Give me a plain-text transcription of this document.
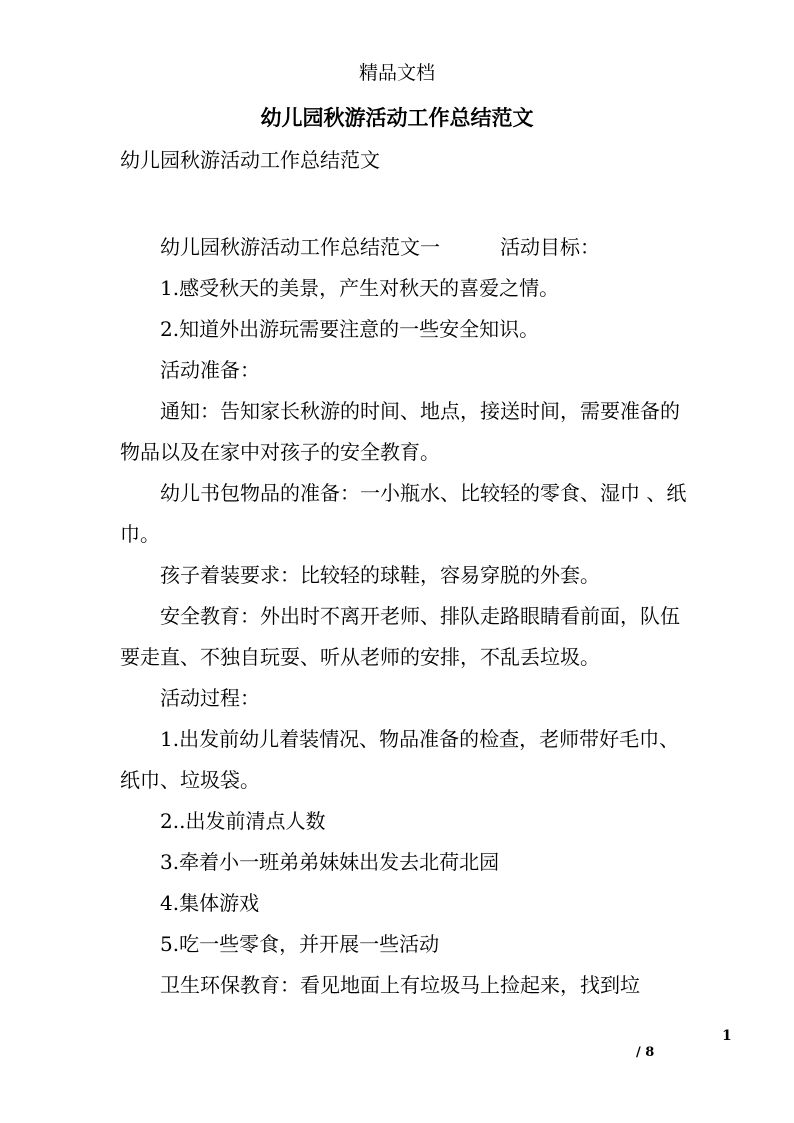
精品文档
幼儿园秋游活动工作总结范文
幼儿园秋游活动工作总结范文

幼儿园秋游活动工作总结范文一　　　活动目标：

1.感受秋天的美景，产生对秋天的喜爱之情。

2.知道外出游玩需要注意的一些安全知识。

活动准备：

通知：告知家长秋游的时间、地点，接送时间，需要准备的物品以及在家中对孩子的安全教育。

幼儿书包物品的准备：一小瓶水、比较轻的零食、湿巾 、纸巾。

孩子着装要求：比较轻的球鞋，容易穿脱的外套。

安全教育：外出时不离开老师、排队走路眼睛看前面，队伍要走直、不独自玩耍、听从老师的安排，不乱丢垃圾。

活动过程：

1.出发前幼儿着装情况、物品准备的检查，老师带好毛巾、纸巾、垃圾袋。

2..出发前清点人数

3.牵着小一班弟弟妹妹出发去北荷北园

4.集体游戏

5.吃一些零食，并开展一些活动

卫生环保教育：看见地面上有垃圾马上捡起来，找到垃

1
/ 8
